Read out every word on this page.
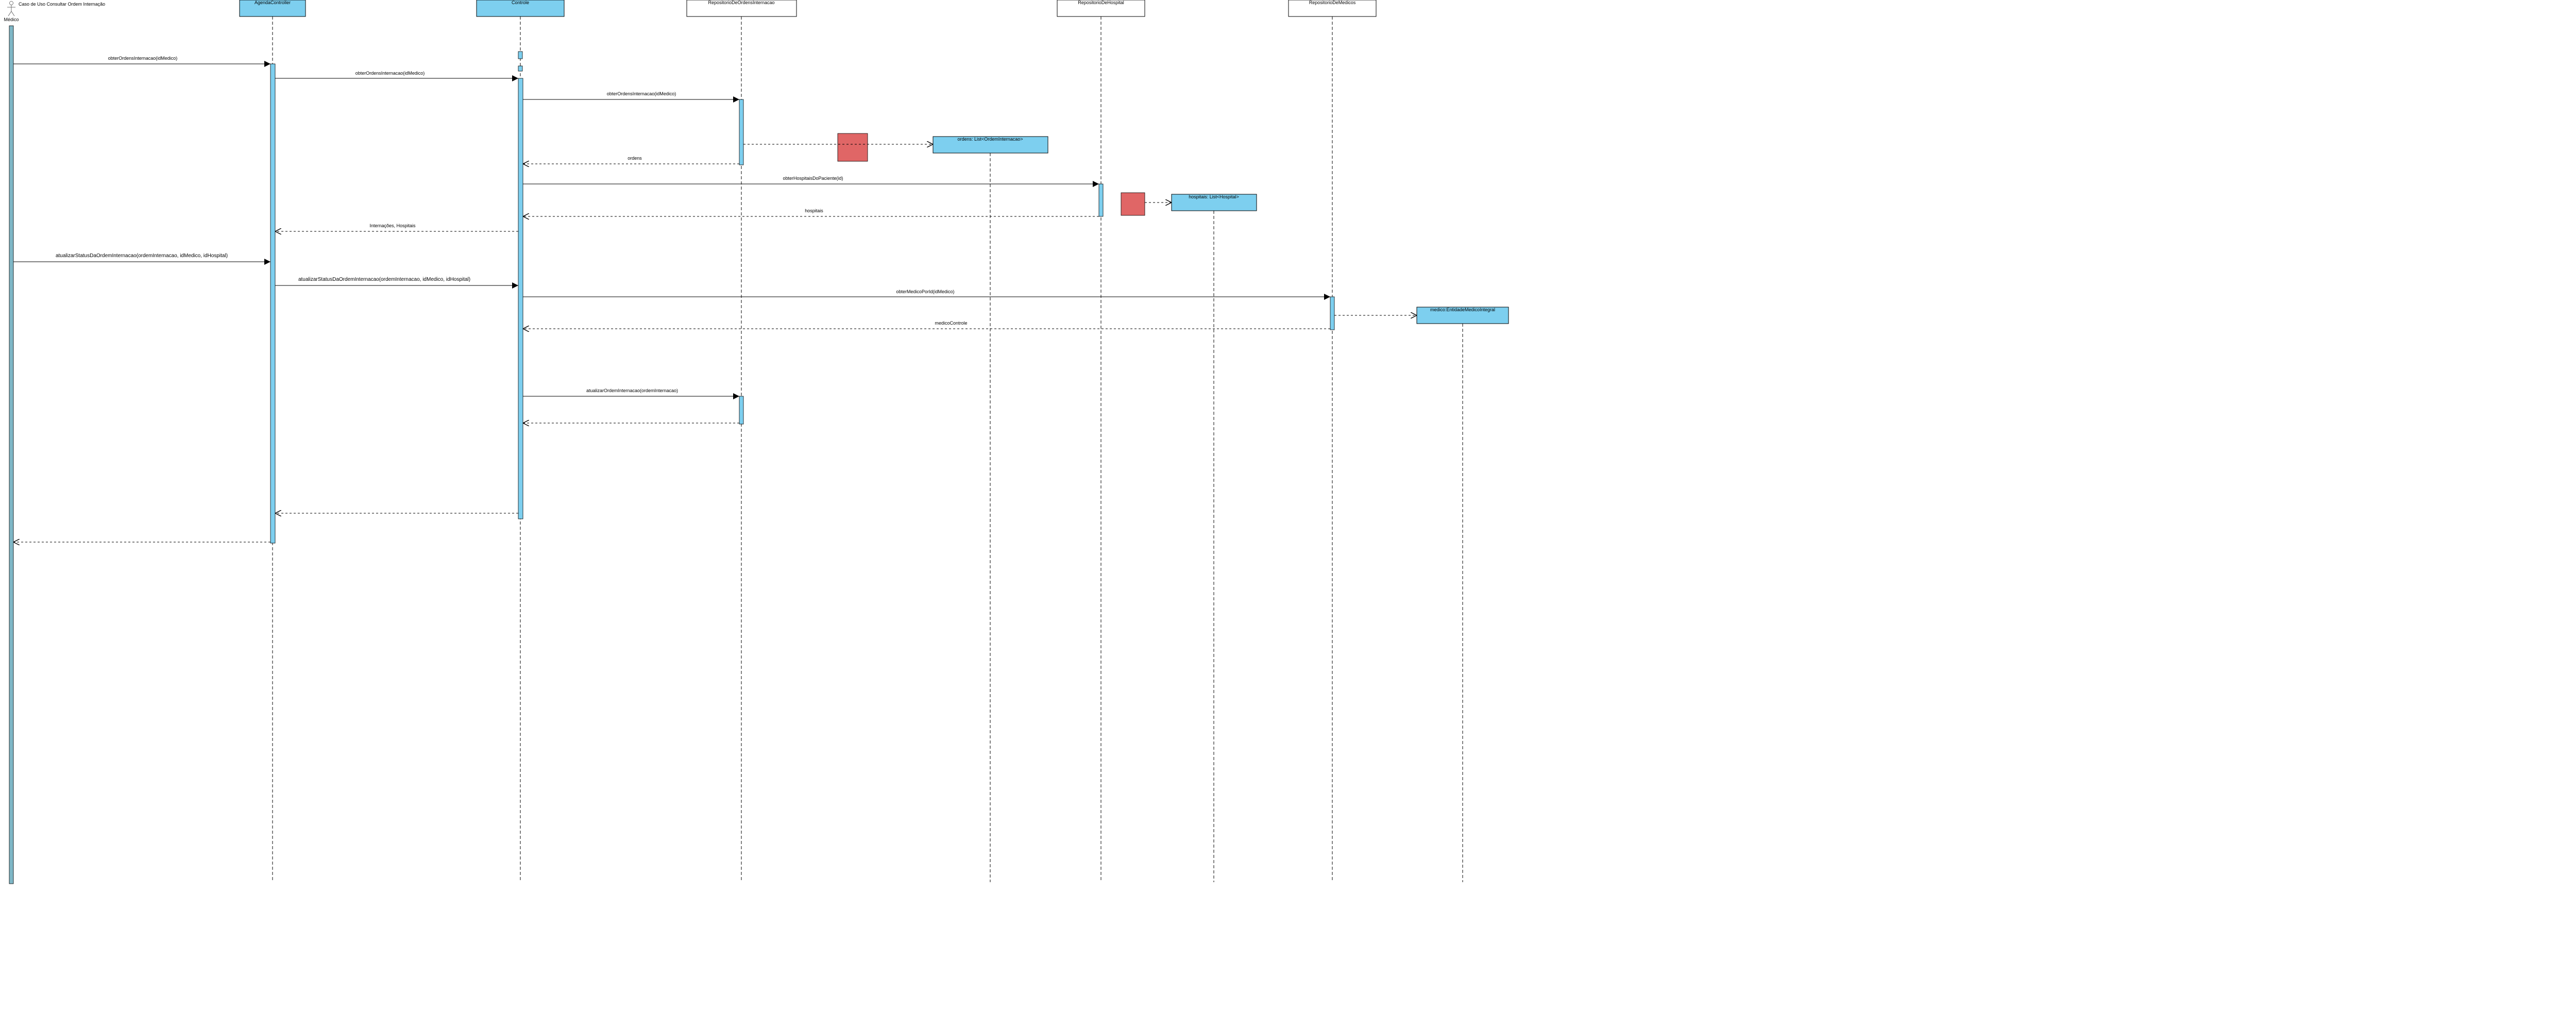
Caso de Uso Consultar Ordem Internação
Médico
AgendaController	Controle	RepositorioDeOrdensInternacao	RepositorioDeHospital	RepositorioDeMedicos
ordens: List<OrdemInternacao>
hospitais: List<Hospital>
medico:EntidadeMedicoIntegral
obterOrdensInternacao(idMedico)
obterOrdensInternacao(idMedico)
obterOrdensInternacao(idMedico)
ordens
obterHospitaisDoPaciente(id)
hospitais
Internações, Hospitais
atualizarStatusDaOrdemInternacao(ordemInternacao, idMedico, idHospital)
atualizarStatusDaOrdemInternacao(ordemInternacao, idMedico, idHospital)
obterMedicoPorId(idMedico)
medicoControle
atualizarOrdemInternacao(ordemInternacao)
